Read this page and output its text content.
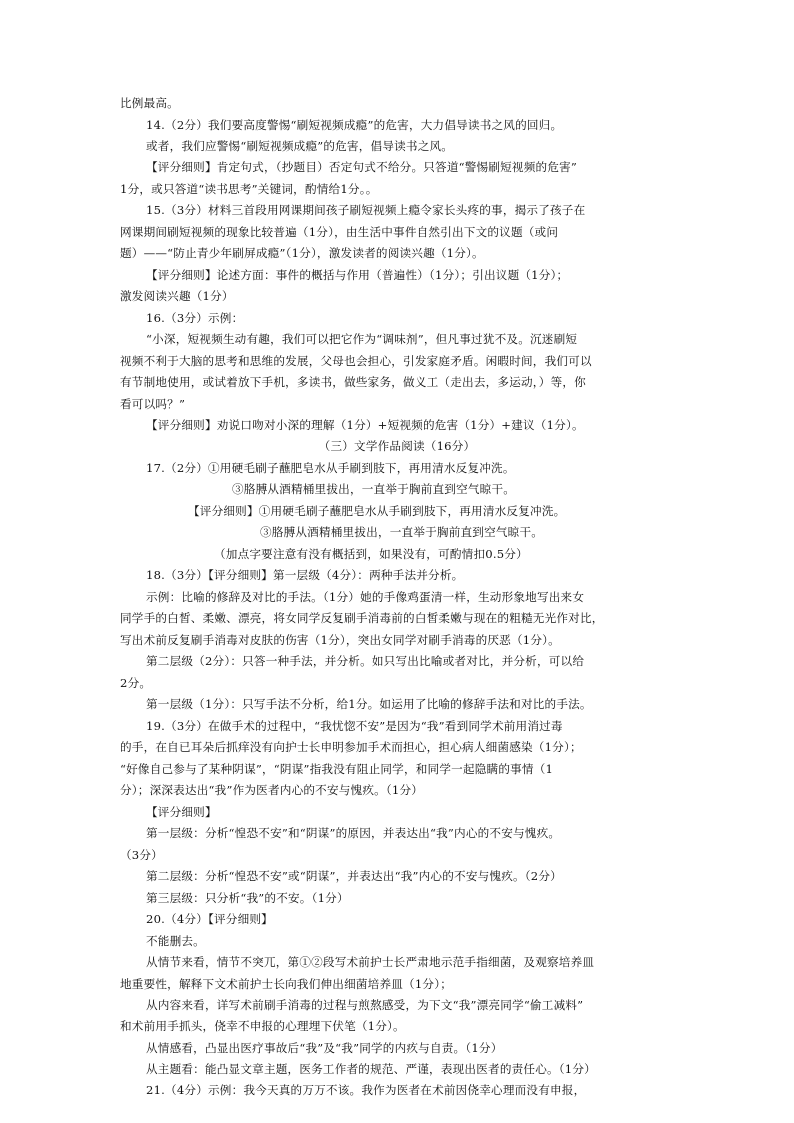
比例最高。
14.（2分）我们要高度警惕“刷短视频成瘾”的危害，大力倡导读书之风的回归。
或者，我们应警惕“刷短视频成瘾”的危害，倡导读书之风。
【评分细则】肯定句式，（抄题目）否定句式不给分。只答道“警惕刷短视频的危害”
1分，或只答道“读书思考”关键词，酌情给1分。。
15.（3分）材料三首段用网课期间孩子刷短视频上瘾令家长头疼的事，揭示了孩子在
网课期间刷短视频的现象比较普遍（1分），由生活中事件自然引出下文的议题（或问
题）——“防止青少年刷屏成瘾”（1分），激发读者的阅读兴趣（1分）。
【评分细则】论述方面：事件的概括与作用（普遍性）（1分）；引出议题（1分）；
激发阅读兴趣（1分）
16.（3分）示例：
“小深，短视频生动有趣，我们可以把它作为“调味剂”，但凡事过犹不及。沉迷刷短
视频不利于大脑的思考和思维的发展，父母也会担心，引发家庭矛盾。闲暇时间，我们可以
有节制地使用，或试着放下手机，多读书，做些家务，做义工（走出去，多运动，）等，你
看可以吗？”
【评分细则】劝说口吻对小深的理解（1分）+短视频的危害（1分）+建议（1分）。
（三）文学作品阅读（16分）
17.（2分）①用硬毛刷子蘸肥皂水从手刷到肢下，再用清水反复冲洗。
③胳膊从酒精桶里拔出，一直举于胸前直到空气晾干。
【评分细则】①用硬毛刷子蘸肥皂水从手刷到肢下，再用清水反复冲洗。
③胳膊从酒精桶里拔出，一直举于胸前直到空气晾干。
（加点字要注意有没有概括到，如果没有，可酌情扣0.5分）
18.（3分）【评分细则】第一层级（4分）：两种手法并分析。
示例：比喻的修辞及对比的手法。（1分）她的手像鸡蛋清一样，生动形象地写出来女
同学手的白皙、柔嫩、漂亮，将女同学反复刷手消毒前的白皙柔嫩与现在的粗糙无光作对比，
写出术前反复刷手消毒对皮肤的伤害（1分），突出女同学对刷手消毒的厌恶（1分）。
第二层级（2分）：只答一种手法，并分析。如只写出比喻或者对比，并分析，可以给
2分。
第一层级（1分）：只写手法不分析，给1分。如运用了比喻的修辞手法和对比的手法。
19.（3分）在做手术的过程中，“我忧惚不安”是因为“我”看到同学术前用消过毒
的手，在自已耳朵后抓痒没有向护士长申明参加手术而担心，担心病人细菌感染（1分）；
“好像自己参与了某种阴谋”，“阴谋”指我没有阻止同学，和同学一起隐瞒的事情（1
分）；深深表达出“我”作为医者内心的不安与愧疚。（1分）
【评分细则】
第一层级：分析“惶恐不安”和“阴谋”的原因，并表达出“我”内心的不安与愧疚。
（3分）
第二层级：分析“惶恐不安”或“阴谋”，并表达出“我”内心的不安与愧疚。（2分）
第三层级：只分析“我”的不安。（1分）
20.（4分）【评分细则】
不能删去。
从情节来看，情节不突兀，第①②段写术前护士长严肃地示范手指细菌，及观察培养皿
地重要性，解释下文术前护士长向我们伸出细菌培养皿（1分）；
从内容来看，详写术前刷手消毒的过程与煎熬感受，为下文“我”漂亮同学“偷工减料”
和术前用手抓头，侥幸不申报的心理埋下伏笔（1分）。
从情感看，凸显出医疗事故后“我”及“我”同学的内疚与自责。（1分）
从主题看：能凸显文章主题，医务工作者的规范、严谨，表现出医者的责任心。（1分）
21.（4分）示例：我今天真的万万不该。我作为医者在术前因侥幸心理而没有申报，
